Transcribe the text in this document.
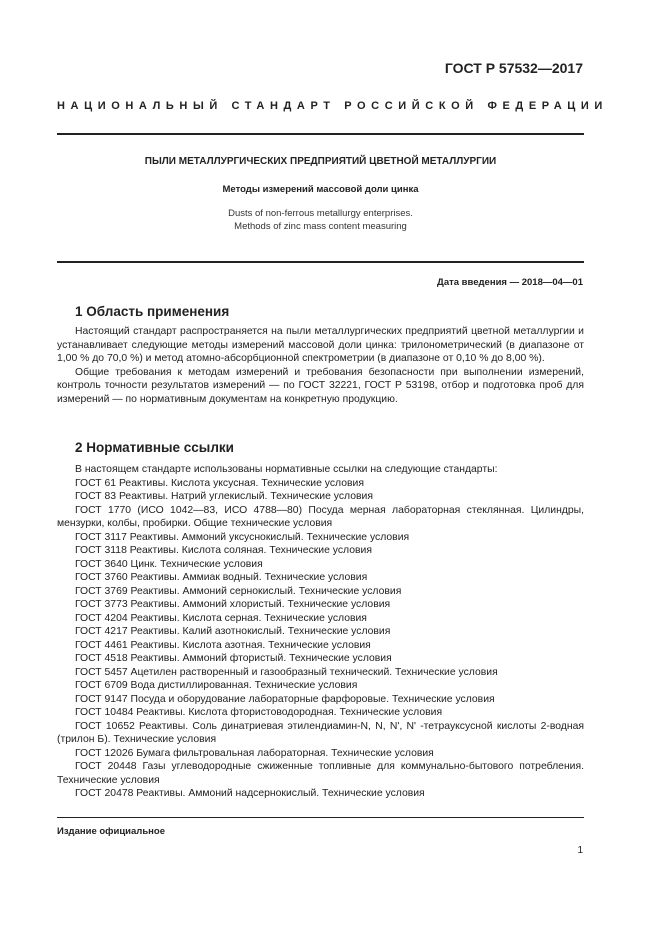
ГОСТ Р 57532—2017
НАЦИОНАЛЬНЫЙ СТАНДАРТ РОССИЙСКОЙ ФЕДЕРАЦИИ
ПЫЛИ МЕТАЛЛУРГИЧЕСКИХ ПРЕДПРИЯТИЙ ЦВЕТНОЙ МЕТАЛЛУРГИИ
Методы измерений массовой доли цинка
Dusts of non-ferrous metallurgy enterprises.
Methods of zinc mass content measuring
Дата введения — 2018—04—01
1 Область применения

Настоящий стандарт распространяется на пыли металлургических предприятий цветной металлургии и устанавливает следующие методы измерений массовой доли цинка: трилонометрический (в диапазоне от 1,00 % до 70,0 %) и метод атомно-абсорбционной спектрометрии (в диапазоне от 0,10 % до 8,00 %).

Общие требования к методам измерений и требования безопасности при выполнении измерений, контроль точности результатов измерений — по ГОСТ 32221, ГОСТ Р 53198, отбор и подготовка проб для измерений — по нормативным документам на конкретную продукцию.

2 Нормативные ссылки

В настоящем стандарте использованы нормативные ссылки на следующие стандарты:

ГОСТ 61 Реактивы. Кислота уксусная. Технические условия

ГОСТ 83 Реактивы. Натрий углекислый. Технические условия

ГОСТ 1770 (ИСО 1042—83, ИСО 4788—80) Посуда мерная лабораторная стеклянная. Цилиндры, мензурки, колбы, пробирки. Общие технические условия

ГОСТ 3117 Реактивы. Аммоний уксуснокислый. Технические условия

ГОСТ 3118 Реактивы. Кислота соляная. Технические условия

ГОСТ 3640 Цинк. Технические условия

ГОСТ 3760 Реактивы. Аммиак водный. Технические условия

ГОСТ 3769 Реактивы. Аммоний сернокислый. Технические условия

ГОСТ 3773 Реактивы. Аммоний хлористый. Технические условия

ГОСТ 4204 Реактивы. Кислота серная. Технические условия

ГОСТ 4217 Реактивы. Калий азотнокислый. Технические условия

ГОСТ 4461 Реактивы. Кислота азотная. Технические условия

ГОСТ 4518 Реактивы. Аммоний фтористый. Технические условия

ГОСТ 5457 Ацетилен растворенный и газообразный технический. Технические условия

ГОСТ 6709 Вода дистиллированная. Технические условия

ГОСТ 9147 Посуда и оборудование лабораторные фарфоровые. Технические условия

ГОСТ 10484 Реактивы. Кислота фтористоводородная. Технические условия

ГОСТ 10652 Реактивы. Соль динатриевая этилендиамин-N, N, N', N' -тетрауксусной кислоты 2-водная (трилон Б). Технические условия

ГОСТ 12026 Бумага фильтровальная лабораторная. Технические условия

ГОСТ 20448 Газы углеводородные сжиженные топливные для коммунально-бытового потребления. Технические условия

ГОСТ 20478 Реактивы. Аммоний надсернокислый. Технические условия

Издание официальное
1
